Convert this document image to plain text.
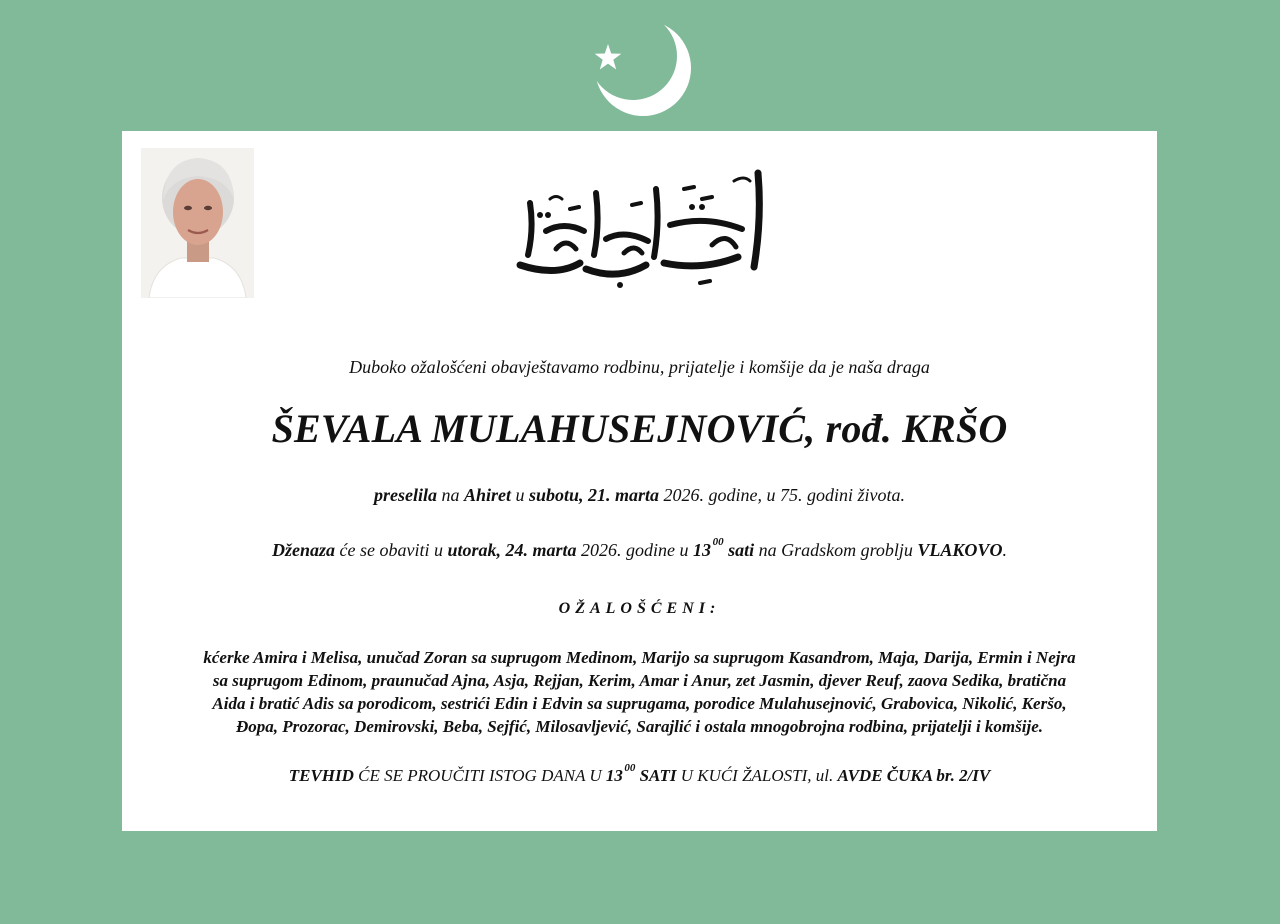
Duboko ožalošćeni obavještavamo rodbinu, prijatelje i komšije da je naša draga
ŠEVALA MULAHUSEJNOVIĆ, rođ. KRŠO
preselila na Ahiret u subotu, 21. marta 2026. godine, u 75. godini života.
Dženaza će se obaviti u utorak, 24. marta 2026. godine u 13  $^{00}$ sati na Gradskom groblju VLAKOVO.
OŽALOŠĆENI:
kćerke Amira i Melisa, unučad Zoran sa suprugom Medinom, Marijo sa suprugom Kasandrom, Maja, Darija, Ermin i Nejra
sa suprugom Edinom, praunučad Ajna, Asja, Rejjan, Kerim, Amar i Anur, zet Jasmin, djever Reuf, zaova Sedika, bratična
Aida i bratić Adis sa porodicom, sestrići Edin i Edvin sa suprugama, porodice Mulahusejnović, Grabovica, Nikolić, Keršo,
Đopa, Prozorac, Demirovski, Beba, Sejfić, Milosavljević, Sarajlić i ostala mnogobrojna rodbina, prijatelji i komšije.
TEVHID ĆE SE PROUČITI ISTOG DANA U 13 $^{00}$ SATI U KUĆI ŽALOSTI, ul. AVDE ČUKA br. 2/IV
